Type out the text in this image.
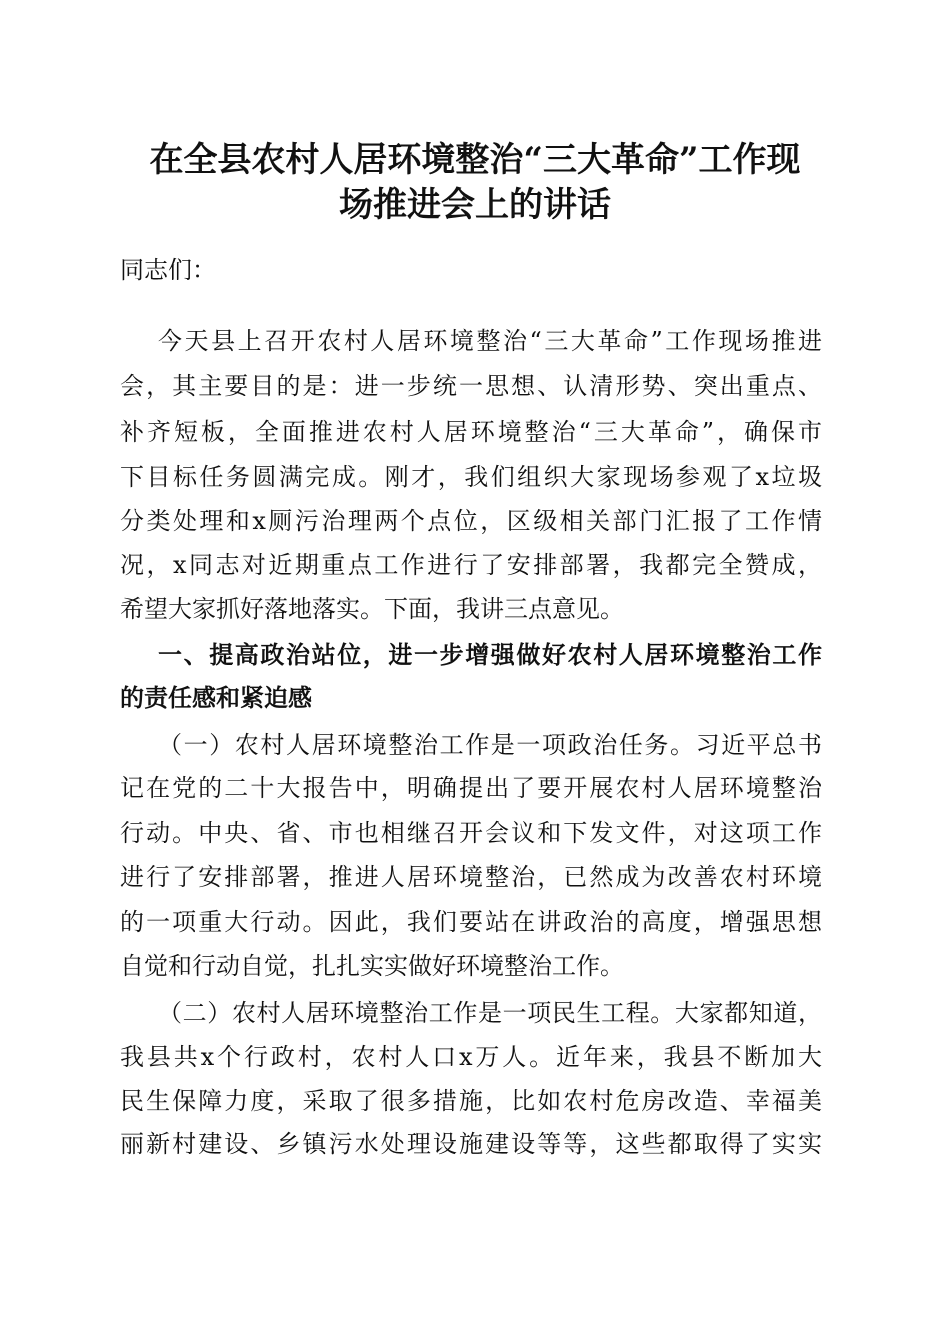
在全县农村人居环境整治“三大革命”工作现
场推进会上的讲话
同志们：
今天县上召开农村人居环境整治“三大革命”工作现场推进
会，其主要目的是：进一步统一思想、认清形势、突出重点、
补齐短板，全面推进农村人居环境整治“三大革命”，确保市
下目标任务圆满完成。刚才，我们组织大家现场参观了x垃圾
分类处理和x厕污治理两个点位，区级相关部门汇报了工作情
况，x同志对近期重点工作进行了安排部署，我都完全赞成，
希望大家抓好落地落实。下面，我讲三点意见。
一、提高政治站位，进一步增强做好农村人居环境整治工作
的责任感和紧迫感
（一）农村人居环境整治工作是一项政治任务。习近平总书
记在党的二十大报告中，明确提出了要开展农村人居环境整治
行动。中央、省、市也相继召开会议和下发文件，对这项工作
进行了安排部署，推进人居环境整治，已然成为改善农村环境
的一项重大行动。因此，我们要站在讲政治的高度，增强思想
自觉和行动自觉，扎扎实实做好环境整治工作。
（二）农村人居环境整治工作是一项民生工程。大家都知道，
我县共x个行政村，农村人口x万人。近年来，我县不断加大
民生保障力度，采取了很多措施，比如农村危房改造、幸福美
丽新村建设、乡镇污水处理设施建设等等，这些都取得了实实
